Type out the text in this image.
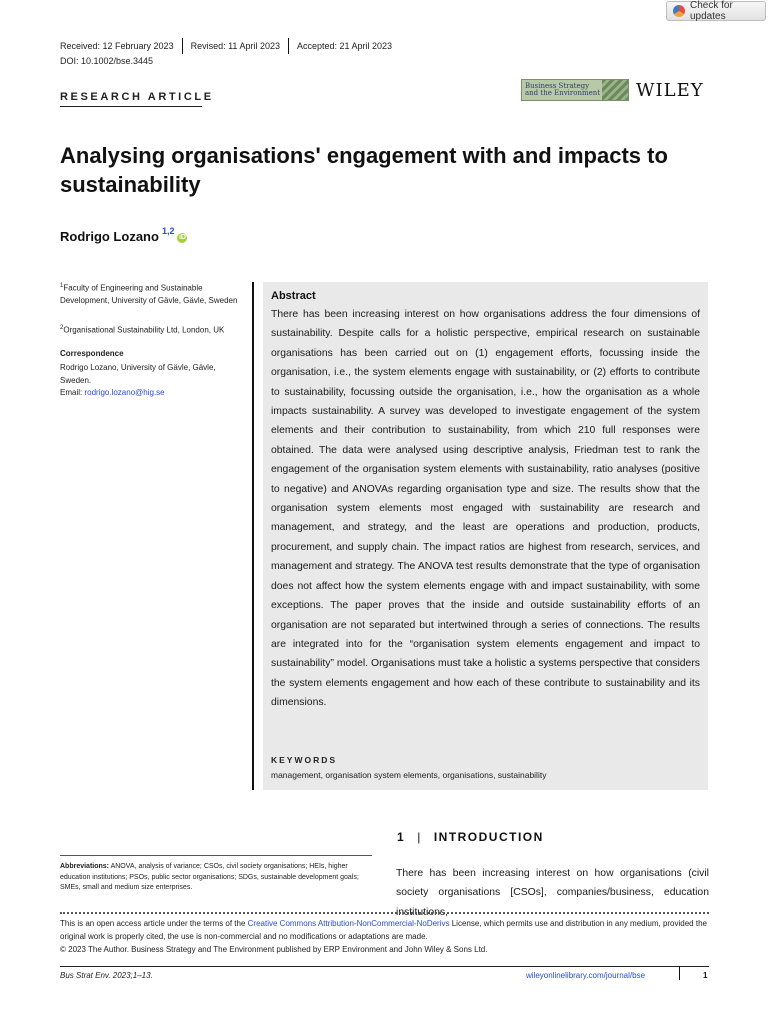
Check for updates
Received: 12 February 2023 Revised: 11 April 2023 Accepted: 21 April 2023
DOI: 10.1002/bse.3445
RESEARCH ARTICLE
Business Strategy
and the Environment WILEY
Analysing organisations' engagement with and impacts to sustainability
Rodrigo Lozano $^{1,2}$
iD
$^1$Faculty of Engineering and Sustainable Development, University of Gävle, Gävle, Sweden
$^2$Organisational Sustainability Ltd, London, UK
Correspondence
Rodrigo Lozano, University of Gävle, Gävle, Sweden.
Email: rodrigo.lozano@hig.se
Abstract
There has been increasing interest on how organisations address the four dimensions of sustainability. Despite calls for a holistic perspective, empirical research on sustainable organisations has been carried out on (1) engagement efforts, focussing inside the organisation, i.e., the system elements engage with sustainability, or (2) efforts to contribute to sustainability, focussing outside the organisation, i.e., how the organisation as a whole impacts sustainability. A survey was developed to investigate engagement of the system elements and their contribution to sustainability, from which 210 full responses were obtained. The data were analysed using descriptive analysis, Friedman test to rank the engagement of the organisation system elements with sustainability, ratio analyses (positive to negative) and ANOVAs regarding organisation type and size. The results show that the organisation system elements most engaged with sustainability are research and management, and strategy, and the least are operations and production, products, procurement, and supply chain. The impact ratios are highest from research, services, and management and strategy. The ANOVA test results demonstrate that the type of organisation does not affect how the system elements engage with and impact sustainability, with some exceptions. The paper proves that the inside and outside sustainability efforts of an organisation are not separated but intertwined through a series of connections. The results are integrated into for the “organisation system elements engagement and impact to sustainability” model. Organisations must take a holistic a systems perspective that considers the system elements engagement and how each of these contribute to sustainability and its dimensions.
KEYWORDS
management, organisation system elements, organisations, sustainability
1 | INTRODUCTION
Abbreviations: ANOVA, analysis of variance; CSOs, civil society organisations; HEIs, higher education institutions; PSOs, public sector organisations; SDGs, sustainable development goals; SMEs, small and medium size enterprises.
There has been increasing interest on how organisations (civil society organisations [CSOs], companies/business, education institutions,
This is an open access article under the terms of the Creative Commons Attribution-NonCommercial-NoDerivs License, which permits use and distribution in any medium, provided the original work is properly cited, the use is non-commercial and no modifications or adaptations are made.
© 2023 The Author. Business Strategy and The Environment published by ERP Environment and John Wiley & Sons Ltd.
Bus Strat Env. 2023;1–13.	wileyonlinelibrary.com/journal/bse	1
